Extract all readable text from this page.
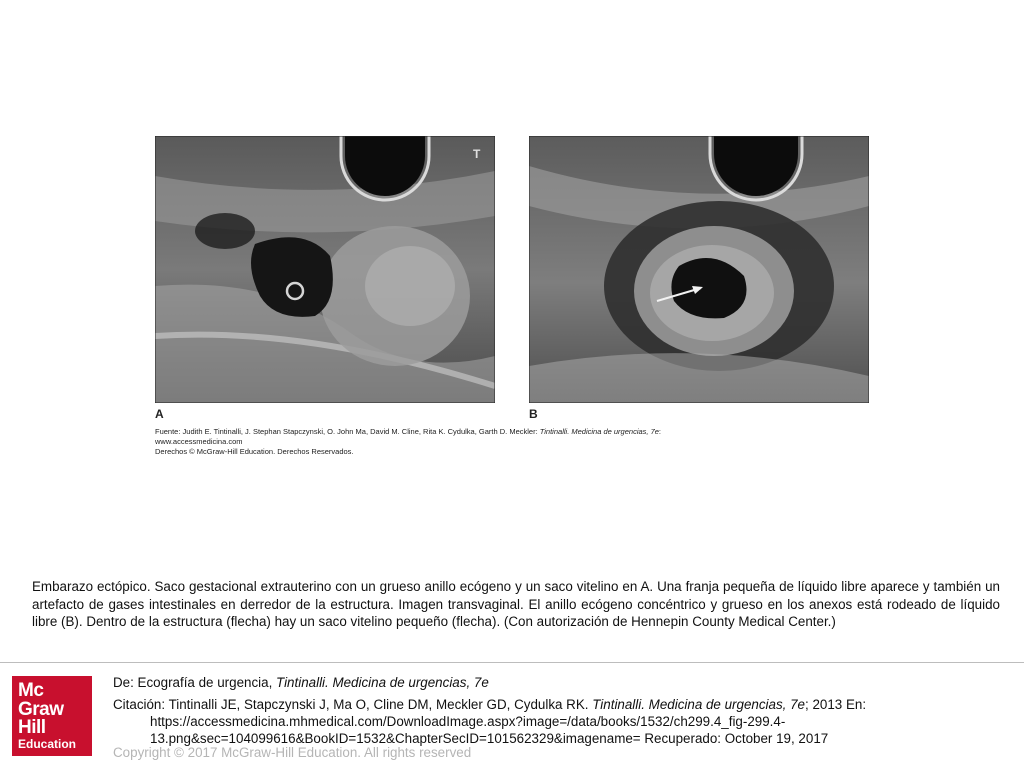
T
A	B
Fuente: Judith E. Tintinalli, J. Stephan Stapczynski, O. John Ma, David M. Cline, Rita K. Cydulka, Garth D. Meckler: Tintinalli. Medicina de urgencias, 7e:
www.accessmedicina.com
Derechos © McGraw-Hill Education. Derechos Reservados.
Embarazo ectópico. Saco gestacional extrauterino con un grueso anillo ecógeno y un saco vitelino en A. Una franja pequeña de líquido libre aparece y también un artefacto de gases intestinales en derredor de la estructura. Imagen transvaginal. El anillo ecógeno concéntrico y grueso en los anexos está rodeado de líquido libre (B). Dentro de la estructura (flecha) hay un saco vitelino pequeño (flecha). (Con autorización de Hennepin County Medical Center.)
Mc
Graw
Hill
Education
De: Ecografía de urgencia, Tintinalli. Medicina de urgencias, 7e
Citación: Tintinalli JE, Stapczynski J, Ma O, Cline DM, Meckler GD, Cydulka RK. Tintinalli. Medicina de urgencias, 7e; 2013 En:
https://accessmedicina.mhmedical.com/DownloadImage.aspx?image=/data/books/1532/ch299.4_fig-299.4-
13.png&sec=104099616&BookID=1532&ChapterSecID=101562329&imagename= Recuperado: October 19, 2017
Copyright © 2017 McGraw-Hill Education. All rights reserved
